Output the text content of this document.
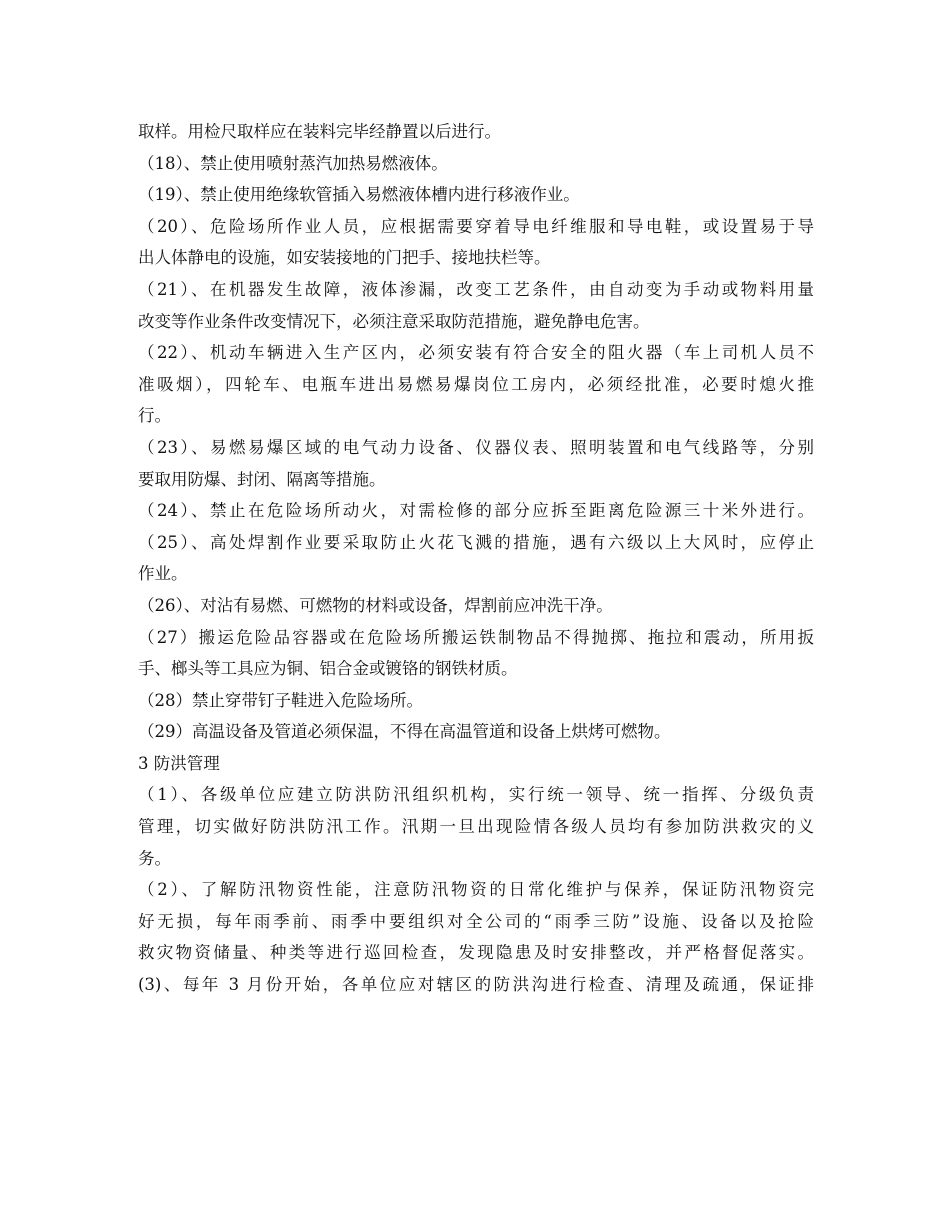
取样。用检尺取样应在装料完毕经静置以后进行。
（18）、禁止使用喷射蒸汽加热易燃液体。
（19）、禁止使用绝缘软管插入易燃液体槽内进行移液作业。
（20）、危险场所作业人员，应根据需要穿着导电纤维服和导电鞋，或设置易于导
出人体静电的设施，如安装接地的门把手、接地扶栏等。
（21）、在机器发生故障，液体渗漏，改变工艺条件，由自动变为手动或物料用量
改变等作业条件改变情况下，必须注意采取防范措施，避免静电危害。
（22）、机动车辆进入生产区内，必须安装有符合安全的阻火器（车上司机人员不
准吸烟），四轮车、电瓶车进出易燃易爆岗位工房内，必须经批准，必要时熄火推
行。
（23）、易燃易爆区域的电气动力设备、仪器仪表、照明装置和电气线路等，分别
要取用防爆、封闭、隔离等措施。
（24）、禁止在危险场所动火，对需检修的部分应拆至距离危险源三十米外进行。
（25）、高处焊割作业要采取防止火花飞溅的措施，遇有六级以上大风时，应停止
作业。
（26）、对沾有易燃、可燃物的材料或设备，焊割前应冲洗干净。
（27）搬运危险品容器或在危险场所搬运铁制物品不得抛掷、拖拉和震动，所用扳
手、榔头等工具应为铜、铝合金或镀铬的钢铁材质。
（28）禁止穿带钉子鞋进入危险场所。
（29）高温设备及管道必须保温，不得在高温管道和设备上烘烤可燃物。
3 防洪管理
（1）、各级单位应建立防洪防汛组织机构，实行统一领导、统一指挥、分级负责
管理，切实做好防洪防汛工作。汛期一旦出现险情各级人员均有参加防洪救灾的义
务。
（2）、了解防汛物资性能，注意防汛物资的日常化维护与保养，保证防汛物资完
好无损，每年雨季前、雨季中要组织对全公司的“雨季三防”设施、设备以及抢险
救灾物资储量、种类等进行巡回检查，发现隐患及时安排整改，并严格督促落实。
(3)、每年 3 月份开始，各单位应对辖区的防洪沟进行检查、清理及疏通，保证排
